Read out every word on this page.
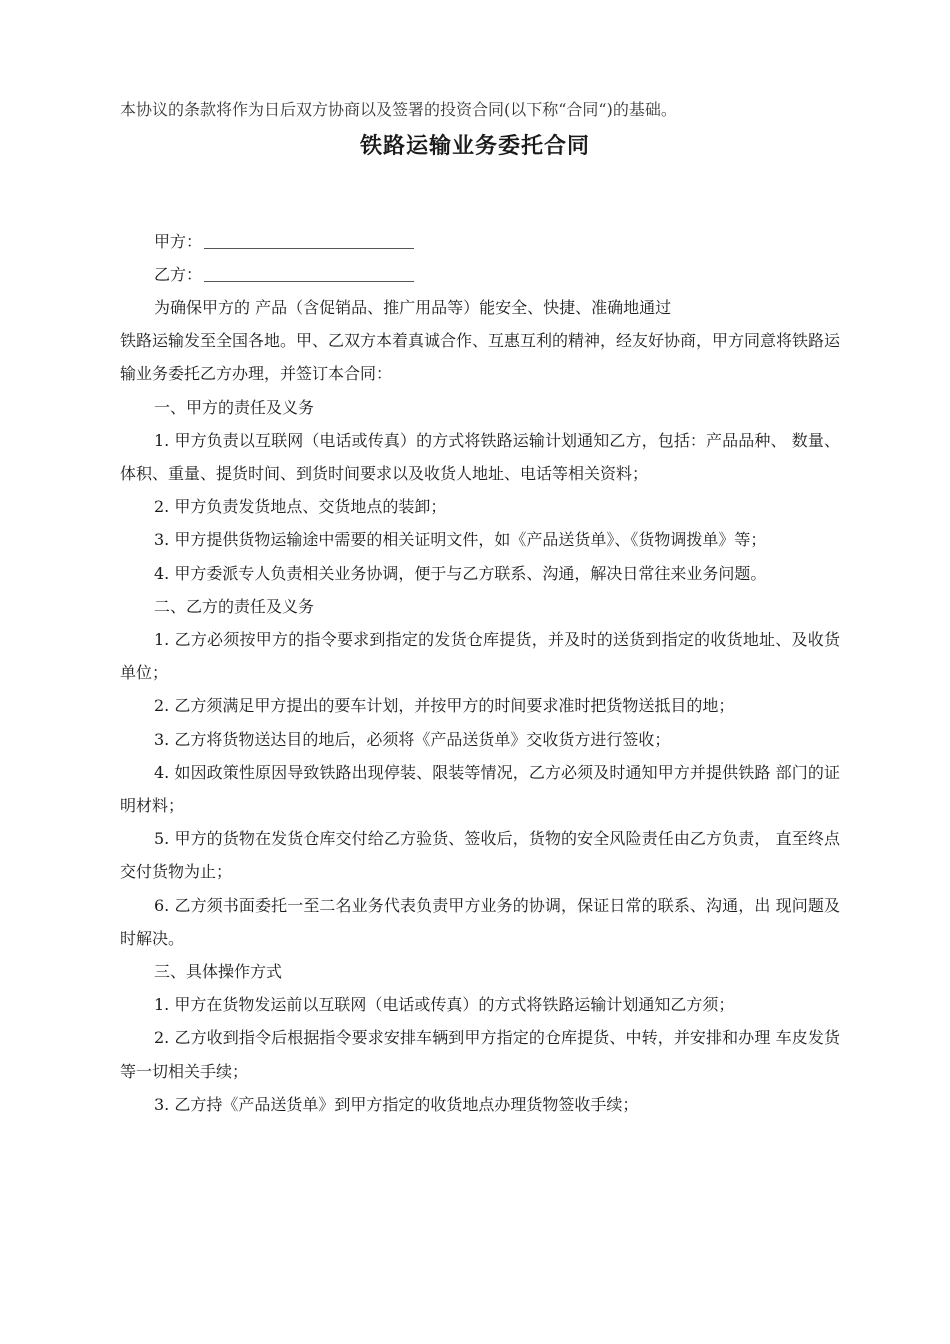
本协议的条款将作为日后双方协商以及签署的投资合同(以下称“合同“)的基础。
铁路运输业务委托合同
甲方：
乙方：

为确保甲方的 产品（含促销品、推广用品等）能安全、快捷、准确地通过

铁路运输发至全国各地。甲、乙双方本着真诚合作、互惠互利的精神，经友好协商，甲方同意将铁路运输业务委托乙方办理，并签订本合同：

一、甲方的责任及义务

1. 甲方负责以互联网（电话或传真）的方式将铁路运输计划通知乙方，包括：产品品种、 数量、体积、重量、提货时间、到货时间要求以及收货人地址、电话等相关资料；

2. 甲方负责发货地点、交货地点的装卸；

3. 甲方提供货物运输途中需要的相关证明文件，如《产品送货单》、《货物调拨单》等；

4. 甲方委派专人负责相关业务协调，便于与乙方联系、沟通，解决日常往来业务问题。

二、乙方的责任及义务

1. 乙方必须按甲方的指令要求到指定的发货仓库提货，并及时的送货到指定的收货地址、及收货单位；

2. 乙方须满足甲方提出的要车计划，并按甲方的时间要求准时把货物送抵目的地；

3. 乙方将货物送达目的地后，必须将《产品送货单》交收货方进行签收；

4. 如因政策性原因导致铁路出现停装、限装等情况，乙方必须及时通知甲方并提供铁路 部门的证明材料；

5. 甲方的货物在发货仓库交付给乙方验货、签收后，货物的安全风险责任由乙方负责， 直至终点交付货物为止；

6. 乙方须书面委托一至二名业务代表负责甲方业务的协调，保证日常的联系、沟通，出 现问题及时解决。

三、具体操作方式

1. 甲方在货物发运前以互联网（电话或传真）的方式将铁路运输计划通知乙方须；

2. 乙方收到指令后根据指令要求安排车辆到甲方指定的仓库提货、中转，并安排和办理 车皮发货等一切相关手续；

3. 乙方持《产品送货单》到甲方指定的收货地点办理货物签收手续；
